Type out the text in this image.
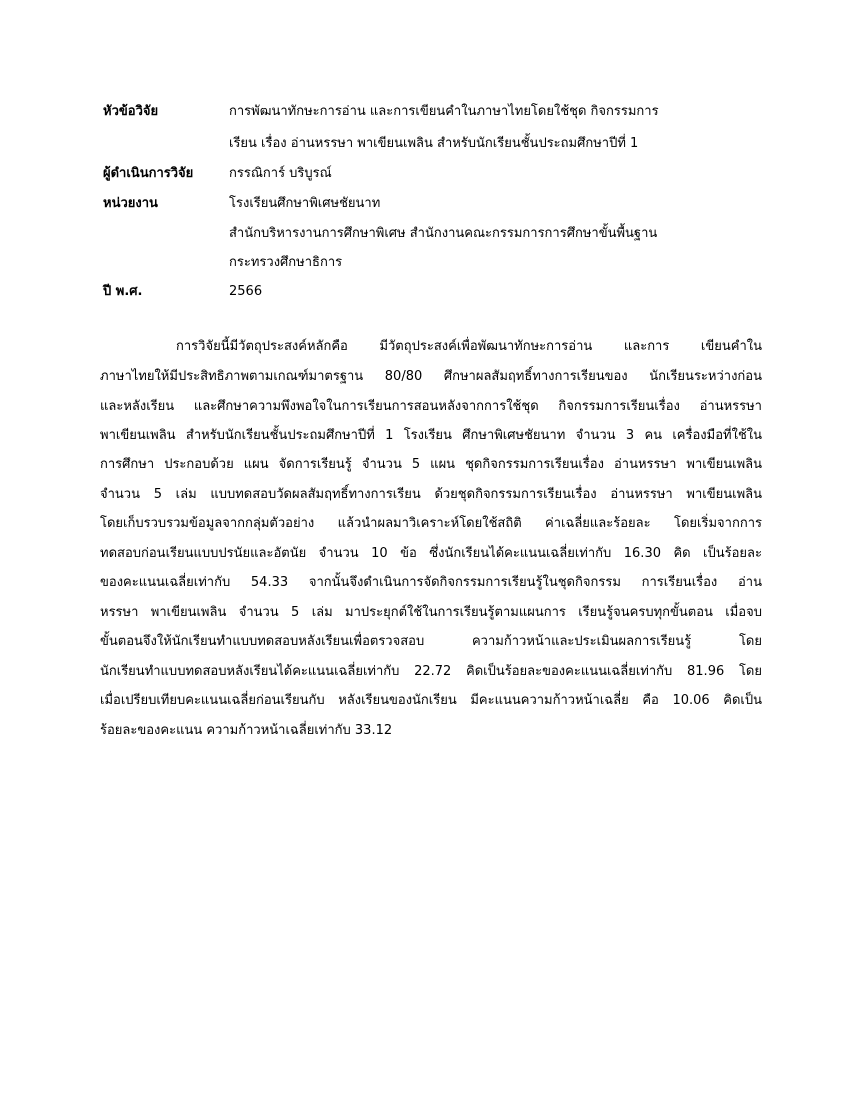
หัวข้อวิจัย	การพัฒนาทักษะการอ่าน และการเขียนคำในภาษาไทยโดยใช้ชุด กิจกรรมการ
เรียน เรื่อง อ่านหรรษา พาเขียนเพลิน สำหรับนักเรียนชั้นประถมศึกษาปีที่ 1
ผู้ดำเนินการวิจัย	กรรณิการ์ บริบูรณ์
หน่วยงาน	โรงเรียนศึกษาพิเศษชัยนาท
สำนักบริหารงานการศึกษาพิเศษ สำนักงานคณะกรรมการการศึกษาขั้นพื้นฐาน
กระทรวงศึกษาธิการ
ปี พ.ศ.	2566
การวิจัยนี้มีวัตถุประสงค์หลักคือ มีวัตถุประสงค์เพื่อพัฒนาทักษะการอ่าน และการ เขียนคำใน
ภาษาไทยให้มีประสิทธิภาพตามเกณฑ์มาตรฐาน 80/80 ศึกษาผลสัมฤทธิ์ทางการเรียนของ นักเรียนระหว่างก่อน
และหลังเรียน และศึกษาความพึงพอใจในการเรียนการสอนหลังจากการใช้ชุด กิจกรรมการเรียนเรื่อง อ่านหรรษา
พาเขียนเพลิน สำหรับนักเรียนชั้นประถมศึกษาปีที่ 1 โรงเรียน ศึกษาพิเศษชัยนาท จำนวน 3 คน เครื่องมือที่ใช้ใน
การศึกษา ประกอบด้วย แผน จัดการเรียนรู้ จำนวน 5 แผน ชุดกิจกรรมการเรียนเรื่อง อ่านหรรษา พาเขียนเพลิน
จำนวน 5 เล่ม แบบทดสอบวัดผลสัมฤทธิ์ทางการเรียน ด้วยชุดกิจกรรมการเรียนเรื่อง อ่านหรรษา พาเขียนเพลิน
โดยเก็บรวบรวมข้อมูลจากกลุ่มตัวอย่าง แล้วนำผลมาวิเคราะห์โดยใช้สถิติ ค่าเฉลี่ยและร้อยละ โดยเริ่มจากการ
ทดสอบก่อนเรียนแบบปรนัยและอัตนัย จำนวน 10 ข้อ ซึ่งนักเรียนได้คะแนนเฉลี่ยเท่ากับ 16.30 คิด เป็นร้อยละ
ของคะแนนเฉลี่ยเท่ากับ 54.33 จากนั้นจึงดำเนินการจัดกิจกรรมการเรียนรู้ในชุดกิจกรรม การเรียนเรื่อง อ่าน
หรรษา พาเขียนเพลิน จำนวน 5 เล่ม มาประยุกต์ใช้ในการเรียนรู้ตามแผนการ เรียนรู้จนครบทุกขั้นตอน เมื่อจบ
ขั้นตอนจึงให้นักเรียนทำแบบทดสอบหลังเรียนเพื่อตรวจสอบ ความก้าวหน้าและประเมินผลการเรียนรู้ โดย
นักเรียนทำแบบทดสอบหลังเรียนได้คะแนนเฉลี่ยเท่ากับ 22.72 คิดเป็นร้อยละของคะแนนเฉลี่ยเท่ากับ 81.96 โดย
เมื่อเปรียบเทียบคะแนนเฉลี่ยก่อนเรียนกับ หลังเรียนของนักเรียน มีคะแนนความก้าวหน้าเฉลี่ย คือ 10.06 คิดเป็น
ร้อยละของคะแนน ความก้าวหน้าเฉลี่ยเท่ากับ 33.12
